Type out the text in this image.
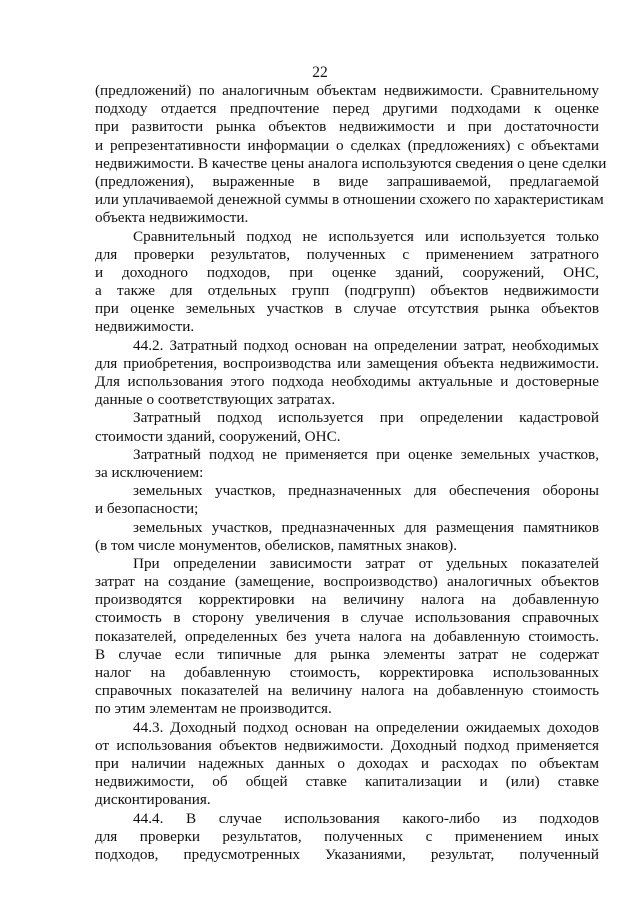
22
(предложений) по аналогичным объектам недвижимости. Сравнительному
подходу отдается предпочтение перед другими подходами к оценке
при развитости рынка объектов недвижимости и при достаточности
и репрезентативности информации о сделках (предложениях) с объектами
недвижимости. В качестве цены аналога используются сведения о цене сделки
(предложения), выраженные в виде запрашиваемой, предлагаемой
или уплачиваемой денежной суммы в отношении схожего по характеристикам
объекта недвижимости.
Сравнительный подход не используется или используется только
для проверки результатов, полученных с применением затратного
и доходного подходов, при оценке зданий, сооружений, ОНС,
а также для отдельных групп (подгрупп) объектов недвижимости
при оценке земельных участков в случае отсутствия рынка объектов
недвижимости.
44.2. Затратный подход основан на определении затрат, необходимых
для приобретения, воспроизводства или замещения объекта недвижимости.
Для использования этого подхода необходимы актуальные и достоверные
данные о соответствующих затратах.
Затратный подход используется при определении кадастровой
стоимости зданий, сооружений, ОНС.
Затратный подход не применяется при оценке земельных участков,
за исключением:
земельных участков, предназначенных для обеспечения обороны
и безопасности;
земельных участков, предназначенных для размещения памятников
(в том числе монументов, обелисков, памятных знаков).
При определении зависимости затрат от удельных показателей
затрат на создание (замещение, воспроизводство) аналогичных объектов
производятся корректировки на величину налога на добавленную
стоимость в сторону увеличения в случае использования справочных
показателей, определенных без учета налога на добавленную стоимость.
В случае если типичные для рынка элементы затрат не содержат
налог на добавленную стоимость, корректировка использованных
справочных показателей на величину налога на добавленную стоимость
по этим элементам не производится.
44.3. Доходный подход основан на определении ожидаемых доходов
от использования объектов недвижимости. Доходный подход применяется
при наличии надежных данных о доходах и расходах по объектам
недвижимости, об общей ставке капитализации и (или) ставке
дисконтирования.
44.4. В случае использования какого-либо из подходов
для проверки результатов, полученных с применением иных
подходов, предусмотренных Указаниями, результат, полученный
